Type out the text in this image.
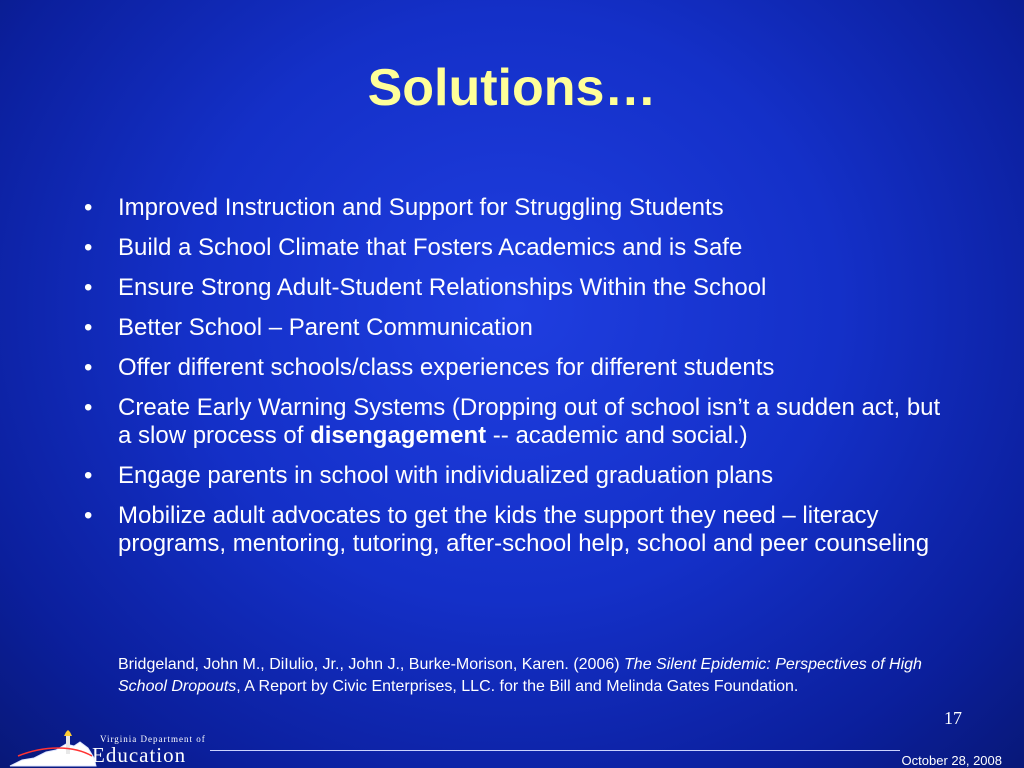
Solutions…
• Improved Instruction and Support for Struggling Students
• Build a School Climate that Fosters Academics and is Safe
• Ensure Strong Adult-Student Relationships Within the School
• Better School – Parent Communication
• Offer different schools/class experiences for different students
• Create Early Warning Systems (Dropping out of school isn’t a sudden act, but a slow process of disengagement -- academic and social.)
• Engage parents in school with individualized graduation plans
• Mobilize adult advocates to get the kids the support they need – literacy programs, mentoring, tutoring, after-school help, school and peer counseling
Bridgeland, John M., DiIulio, Jr., John J., Burke-Morison, Karen. (2006) The Silent Epidemic: Perspectives of High School Dropouts, A Report by Civic Enterprises, LLC. for the Bill and Melinda Gates Foundation.
17
October 28, 2008
Virginia Department of
Education
